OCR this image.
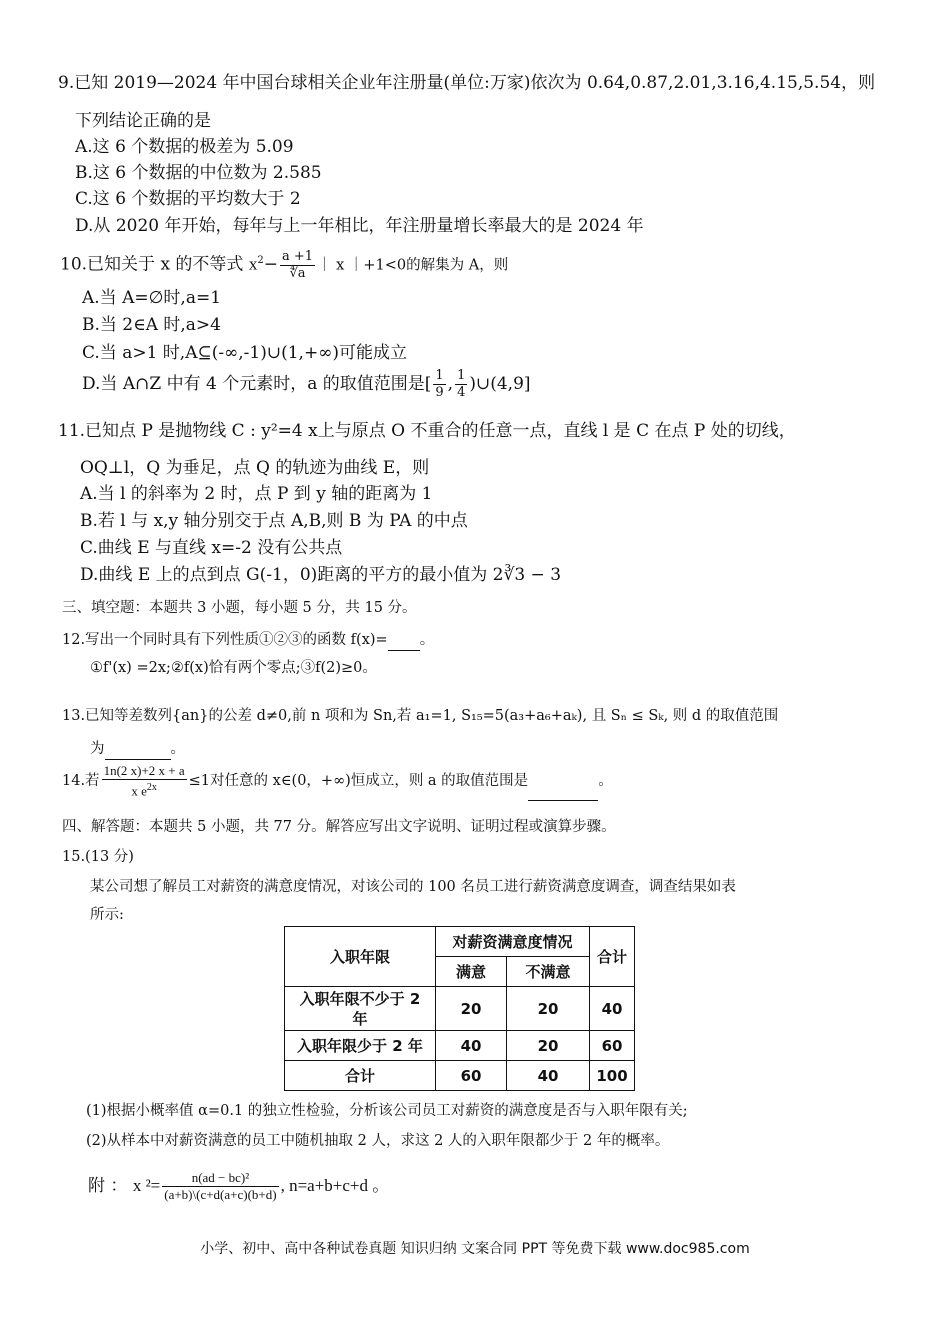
9.已知 2019—2024 年中国台球相关企业年注册量(单位:万家)依次为 0.64,0.87,2.01,3.16,4.15,5.54，则
下列结论正确的是
A.这 6 个数据的极差为 5.09
B.这 6 个数据的中位数为 2.585
C.这 6 个数据的平均数大于 2
D.从 2020 年开始，每年与上一年相比，年注册量增长率最大的是 2024 年
10.已知关于 x 的不等式 $x^2- \frac{a +1}{∜a}$ ｜ x ｜+1<0的解集为 A，则
A.当 A=∅时,a=1
B.当 2∈A 时,a>4
C.当 a>1 时,A⊆(-∞,-1)∪(1,+∞)可能成立
D.当 A∩Z 中有 4 个元素时，a 的取值范围是[ $\frac{1}{9}$ , $\frac{1}{4}$ )∪(4,9]
11.已知点 P 是抛物线 C : y²=4 x上与原点 O 不重合的任意一点，直线 l 是 C 在点 P 处的切线，
OQ⊥l，Q 为垂足，点 Q 的轨迹为曲线 E，则
A.当 l 的斜率为 2 时，点 P 到 y 轴的距离为 1
B.若 l 与 x,y 轴分别交于点 A,B,则 B 为 PA 的中点
C.曲线 E 与直线 x=-2 没有公共点
D.曲线 E 上的点到点 G(-1，0)距离的平方的最小值为 2∛3 − 3
三、填空题：本题共 3 小题，每小题 5 分，共 15 分。
12.写出一个同时具有下列性质①②③的函数 f(x)= 。
①f'(x) =2x;②f(x)恰有两个零点;③f(2)≥0。
13.已知等差数列{an}的公差 d≠0,前 n 项和为 Sn,若 a₁=1, S₁₅=5(a₃+a₆+aₖ), 且 Sₙ ≤ Sₖ, 则 d 的取值范围
为	。
14.若 $\frac{1n(2 x)+2 x + a}{x e^{2x}} \le 1$对任意的 x∈(0，+∞)恒成立，则 a 的取值范围是	。
四、解答题：本题共 5 小题，共 77 分。解答应写出文字说明、证明过程或演算步骤。
15.(13 分)
某公司想了解员工对薪资的满意度情况，对该公司的 100 名员工进行薪资满意度调查，调查结果如表
所示:
入职年限	对薪资满意度情况		合计
	满意	不满意	
入职年限不少于 2 年	20	20	40
入职年限少于 2 年	40	20	60
合计	60	40	100
(1)根据小概率值 α=0.1 的独立性检验，分析该公司员工对薪资的满意度是否与入职年限有关;
(2)从样本中对薪资满意的员工中随机抽取 2 人，求这 2 人的入职年限都少于 2 年的概率。
附 ： x $^2= \frac{\text{n(ad − bc)²}}{(a+b)\backslash(c+d(a+c)(b+d)}$ , n=a+b+c+d 。
小学、初中、高中各种试卷真题 知识归纳 文案合同 PPT 等免费下载 www.doc985.com
